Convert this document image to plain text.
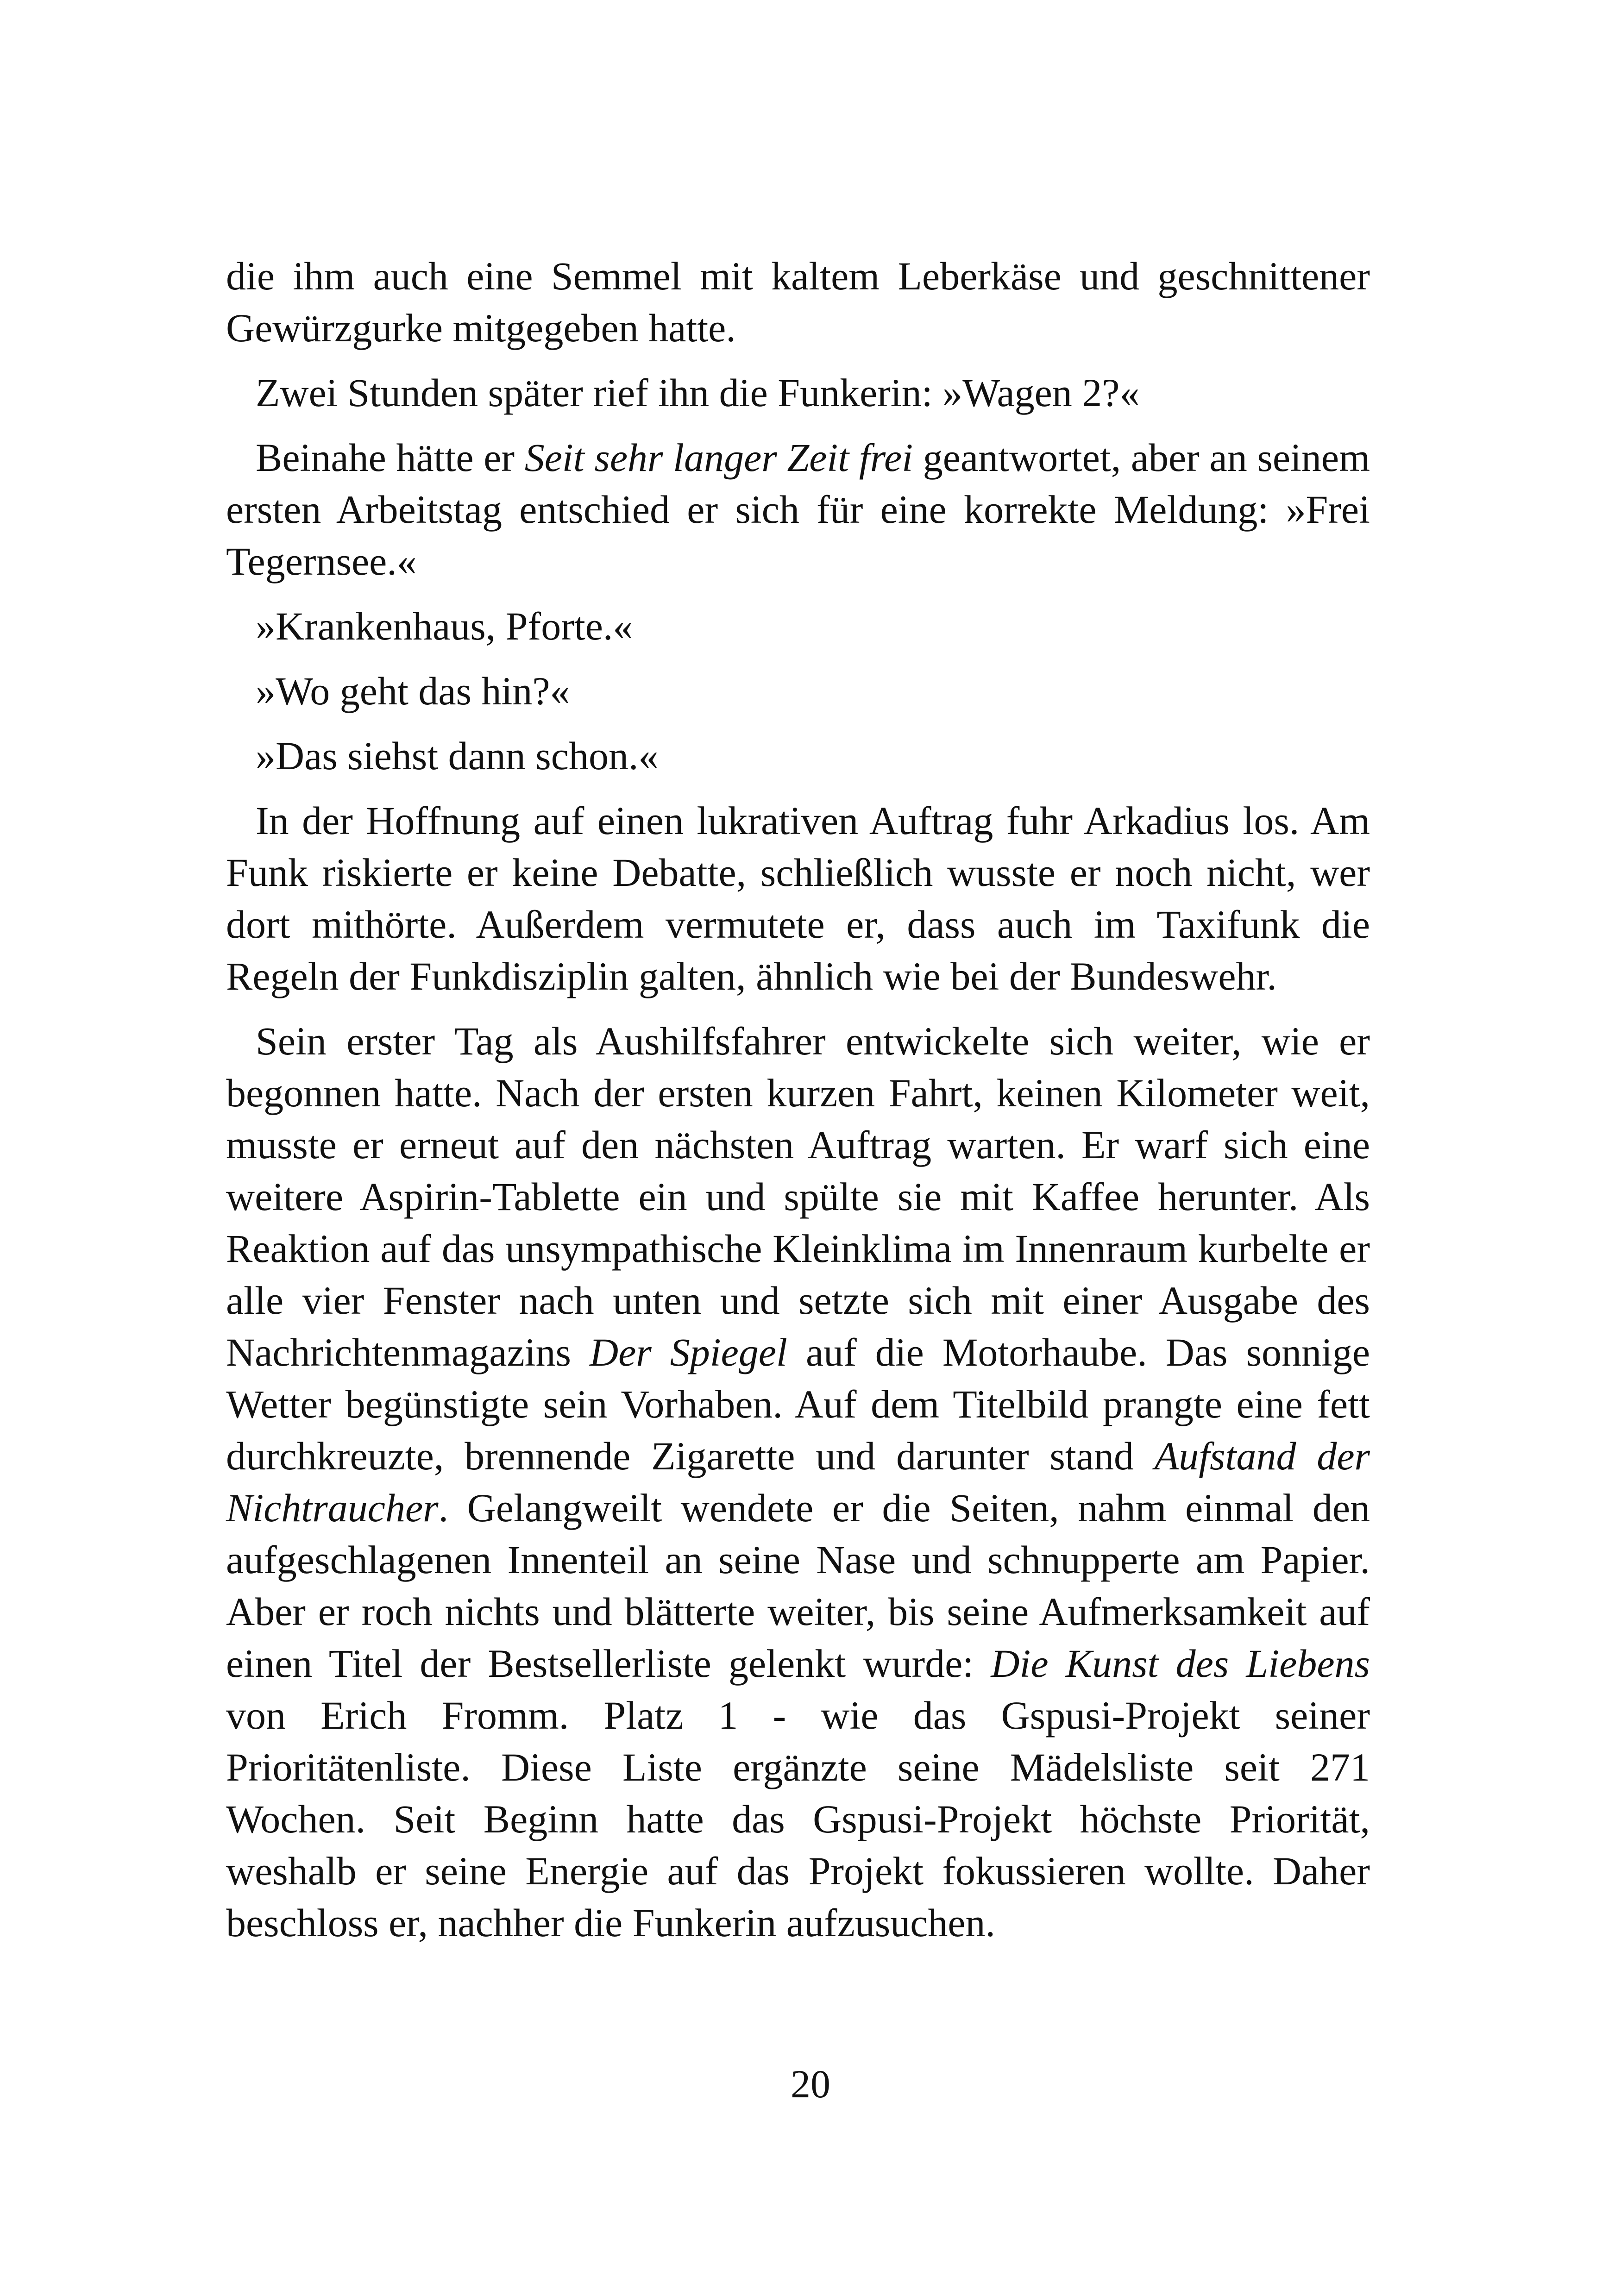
die ihm auch eine Semmel mit kaltem Leberkäse und geschnittener Gewürzgurke mitgegeben hatte.

Zwei Stunden später rief ihn die Funkerin: »Wagen 2?«

Beinahe hätte er Seit sehr langer Zeit frei geantwortet, aber an seinem ersten Arbeitstag entschied er sich für eine korrekte Meldung: »Frei Tegernsee.«

»Krankenhaus, Pforte.«

»Wo geht das hin?«

»Das siehst dann schon.«

In der Hoffnung auf einen lukrativen Auftrag fuhr Arkadius los. Am Funk riskierte er keine Debatte, schließlich wusste er noch nicht, wer dort mithörte. Außerdem vermutete er, dass auch im Taxifunk die Regeln der Funkdisziplin galten, ähnlich wie bei der Bundeswehr.

Sein erster Tag als Aushilfsfahrer entwickelte sich weiter, wie er begonnen hatte. Nach der ersten kurzen Fahrt, keinen Kilometer weit, musste er erneut auf den nächsten Auftrag warten. Er warf sich eine weitere Aspirin-Tablette ein und spülte sie mit Kaffee herunter. Als Reaktion auf das unsympathische Kleinklima im Innenraum kurbelte er alle vier Fenster nach unten und setzte sich mit einer Ausgabe des Nachrichtenmagazins Der Spiegel auf die Motorhaube. Das sonnige Wetter begünstigte sein Vorhaben. Auf dem Titelbild prangte eine fett durchkreuzte, brennende Zigarette und darunter stand Aufstand der Nichtraucher. Gelangweilt wendete er die Seiten, nahm einmal den aufgeschlagenen Innenteil an seine Nase und schnupperte am Papier. Aber er roch nichts und blätterte weiter, bis seine Aufmerksamkeit auf einen Titel der Bestsellerliste gelenkt wurde: Die Kunst des Liebens von Erich Fromm. Platz 1 - wie das Gspusi-Projekt seiner Prioritätenliste. Diese Liste ergänzte seine Mädelsliste seit 271 Wochen. Seit Beginn hatte das Gspusi-Projekt höchste Priorität, weshalb er seine Energie auf das Projekt fokussieren wollte. Daher beschloss er, nachher die Funkerin aufzusuchen.

20
